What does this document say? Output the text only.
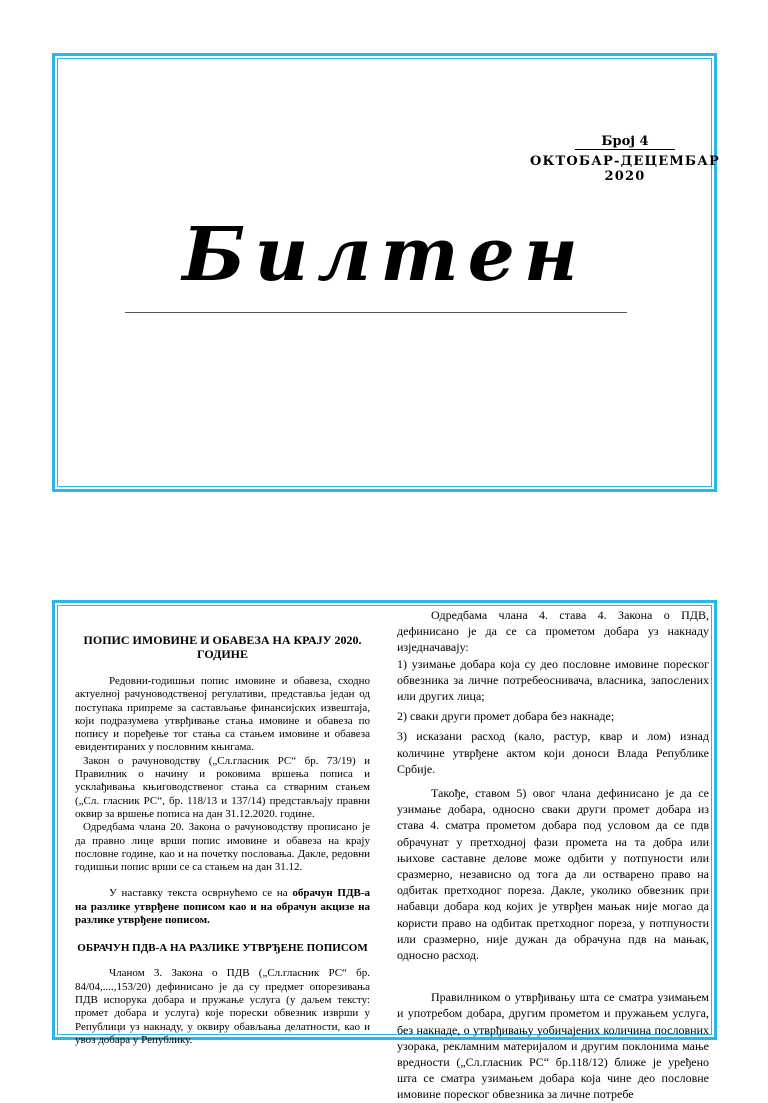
Број 4
ОКТОБАР-ДЕЦЕМБАР 2020
Билтен

ПОПИС ИМОВИНЕ И ОБАВЕЗА НА КРАЈУ 2020. ГОДИНЕ

Редовни-годишњи попис имовине и обавеза, сходно актуелној рачуноводственој регулативи, представља један од поступака припреме за састављање финансијских извештаја, који подразумева утврђивање стања имовине и обавеза по попису и поређење тог стања са стањем имовине и обавеза евидентираних у пословним књигама.

Закон о рачуноводству („Сл.гласник РС“ бр. 73/19) и Правилник о начину и роковима вршења пописа и усклађивања књиговодственог стања са стварним стањем („Сл. гласник РС“, бр. 118/13 и 137/14) представљају правни оквир за вршење пописа на дан 31.12.2020. године.

Одредбама члана 20. Закона о рачуноводству прописано је да правно лице врши попис имовине и обавеза на крају пословне године, као и на почетку пословања. Дакле, редовни годишњи попис врши се са стањем на дан 31.12.

У наставку текста осврнућемо се на обрачун ПДВ-а на разлике утврђене пописом као и на обрачун акцизе на разлике утврђене пописом.

ОБРАЧУН ПДВ-А НА РАЗЛИКЕ УТВРЂЕНЕ ПОПИСОМ

Чланом 3. Закона о ПДВ („Сл.гласник РС“ бр. 84/04,....,153/20) дефинисано је да су предмет опорезивања ПДВ испорука добара и пружање услуга (у даљем тексту: промет добара и услуга) које порески обвезник изврши у Републици уз накнаду, у оквиру обављања делатности, као и увоз добара у Републику.

Одредбама члана 4. става 4. Закона о ПДВ, дефинисано је да се са прометом добара уз накнаду изједначавају:

1) узимање добара која су део пословне имовине пореског обвезника за личне потребеоснивача, власника, запослених или других лица;

2) сваки други промет добара без накнаде;

3) исказани расход (кало, растур, квар и лом) изнад количине утврђене актом који доноси Влада Републике Србије.

Такође, ставом 5) овог члана дефинисано је да се узимање добара, односно сваки други промет добара из става 4. сматра прометом добара под условом да се пдв обрачунат у претходној фази промета на та добра или њихове саставне делове може одбити у потпуности или сразмерно, независно од тога да ли остварено право на одбитак претходног пореза. Дакле, уколико обвезник при набавци добара код којих је утврђен мањак није могао да користи право на одбитак претходног пореза, у потпуности или сразмерно, није дужан да обрачуна пдв на мањак, односно расход.

Правилником о утврђивању шта се сматра узимањем и употребом добара, другим прометом и пружањем услуга, без накнаде, о утврђивању уобичајених количина пословних узорака, рекламним материјалом и другим поклонима мање вредности („Сл.гласник РС“ бр.118/12) ближе је уређено шта се сматра узимањем добара која чине део пословне имовине пореског обвезника за личне потребе
